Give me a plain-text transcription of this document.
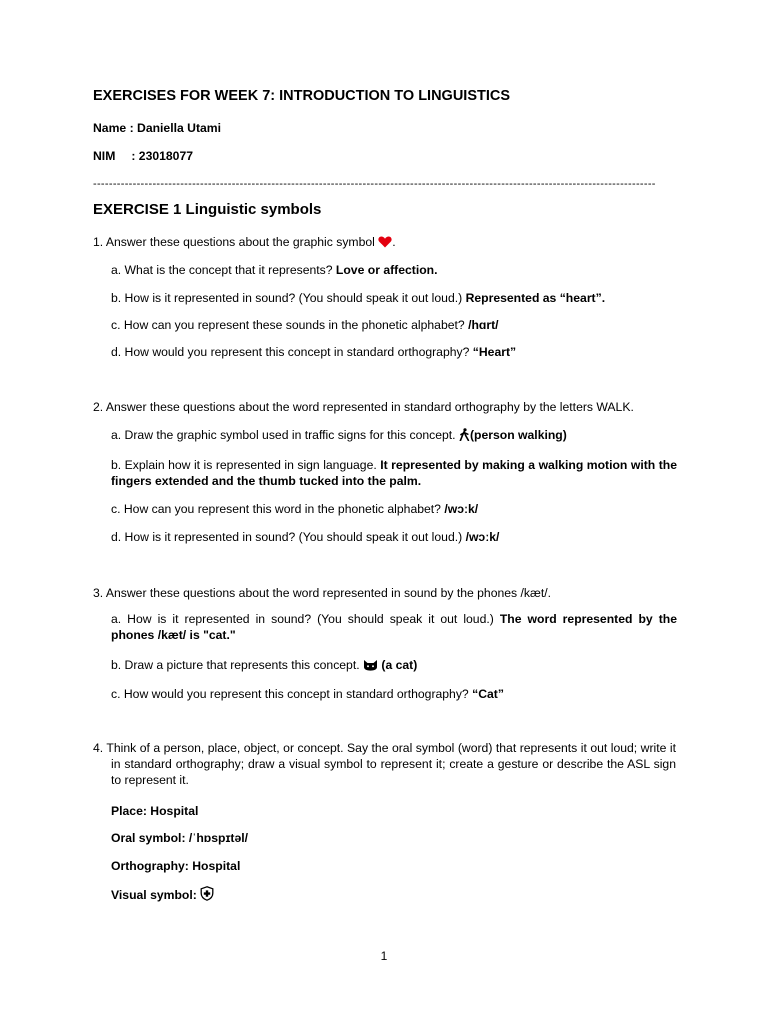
EXERCISES FOR WEEK 7: INTRODUCTION TO LINGUISTICS
Name : Daniella Utami
NIM : 23018077
----------------------------------------------------------------------------------------------------------------------------------------------
EXERCISE 1 Linguistic symbols
1. Answer these questions about the graphic symbol .
a. What is the concept that it represents? Love or affection.
b. How is it represented in sound? (You should speak it out loud.) Represented as “heart”.
c. How can you represent these sounds in the phonetic alphabet? /hɑrt/
d. How would you represent this concept in standard orthography? “Heart”
2. Answer these questions about the word represented in standard orthography by the letters WALK.
a. Draw the graphic symbol used in traffic signs for this concept. (person walking)
b. Explain how it is represented in sign language. It represented by making a walking motion with the fingers extended and the thumb tucked into the palm.
c. How can you represent this word in the phonetic alphabet? /wɔːk/
d. How is it represented in sound? (You should speak it out loud.) /wɔːk/
3. Answer these questions about the word represented in sound by the phones /kæt/.
a. How is it represented in sound? (You should speak it out loud.) The word represented by the phones /kæt/ is "cat."
b. Draw a picture that represents this concept.  (a cat)
c. How would you represent this concept in standard orthography? “Cat”
4. Think of a person, place, object, or concept. Say the oral symbol (word) that represents it out loud; write it in standard orthography; draw a visual symbol to represent it; create a gesture or describe the ASL sign to represent it.
Place: Hospital
Oral symbol: /ˈhɒspɪtəl/
Orthography: Hospital
Visual symbol:
1
